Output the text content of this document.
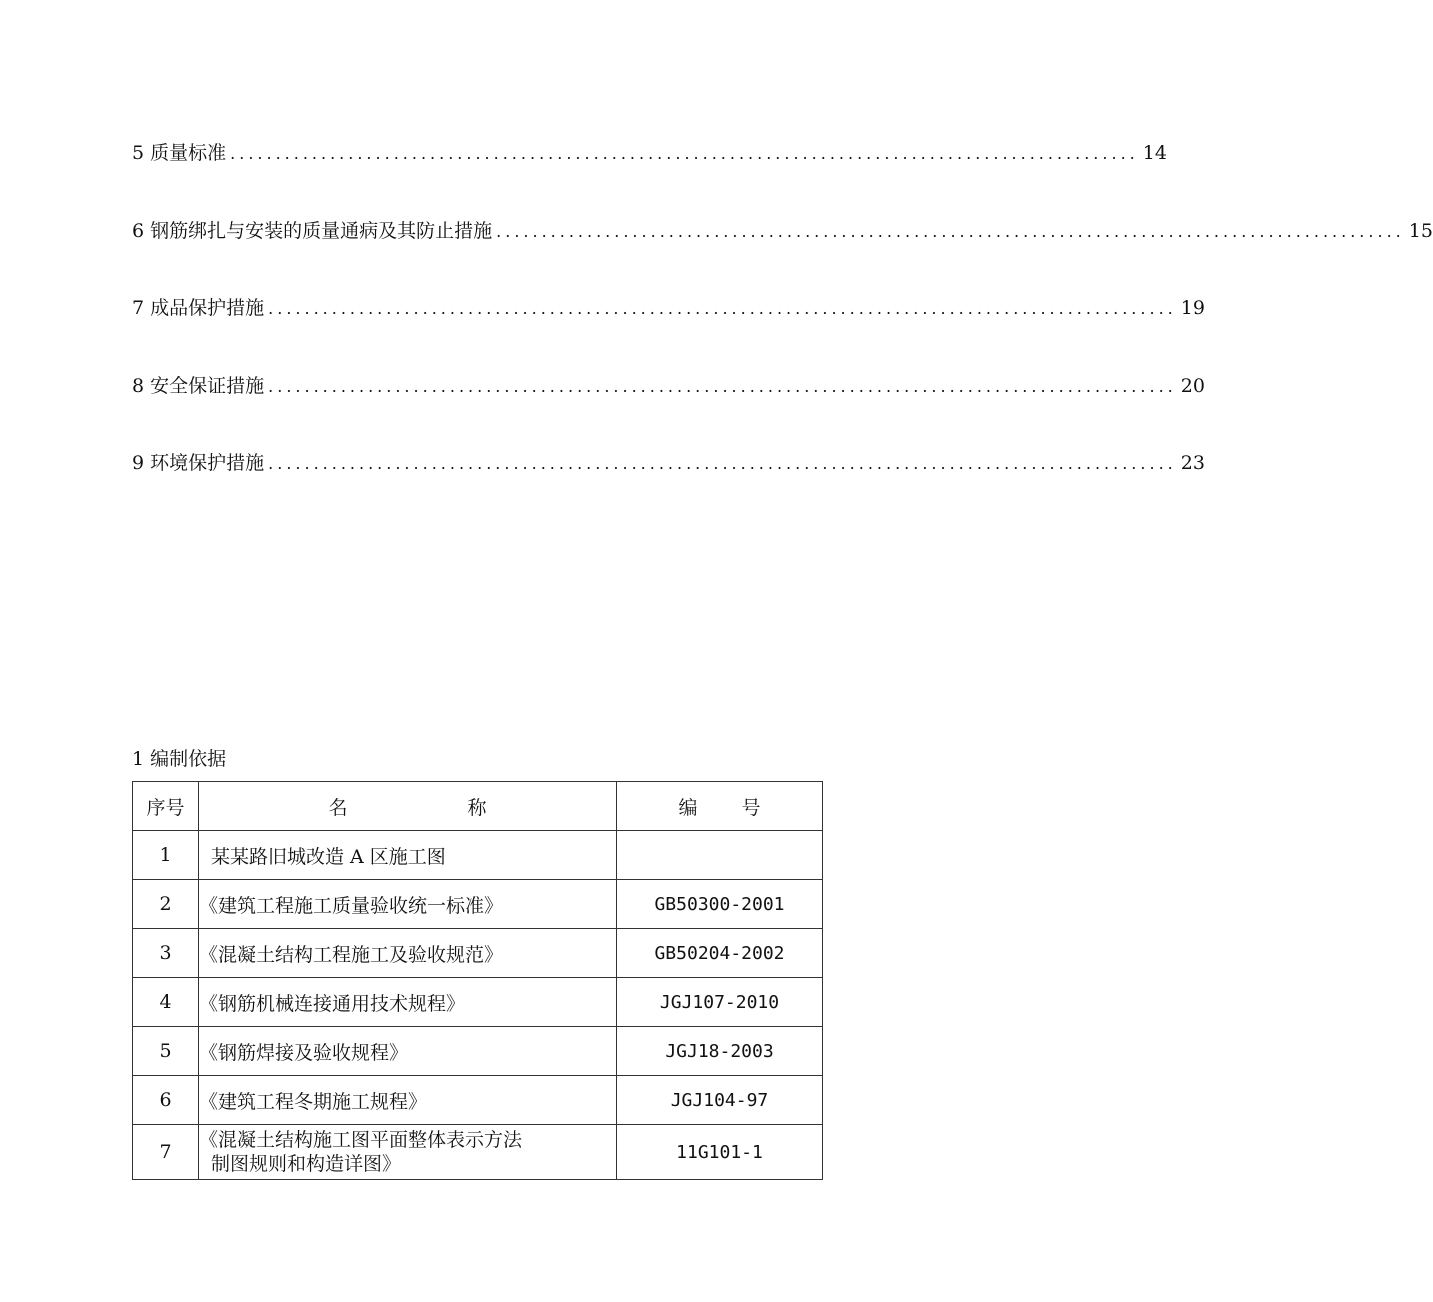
5 质量标准 .................................................................................................... 14
6 钢筋绑扎与安装的质量通病及其防止措施 .................................................................................................... 15
7 成品保护措施 .................................................................................................... 19
8 安全保证措施 .................................................................................................... 20
9 环境保护措施 .................................................................................................... 23
1 编制依据
序号	名 称	编 号
1	某某路旧城改造 A 区施工图	
2	《建筑工程施工质量验收统一标准》	GB50300-2001
3	《混凝土结构工程施工及验收规范》	GB50204-2002
4	《钢筋机械连接通用技术规程》	JGJ107-2010
5	《钢筋焊接及验收规程》	JGJ18-2003
6	《建筑工程冬期施工规程》	JGJ104-97
7	《混凝土结构施工图平面整体表示方法
制图规则和构造详图》	11G101-1
